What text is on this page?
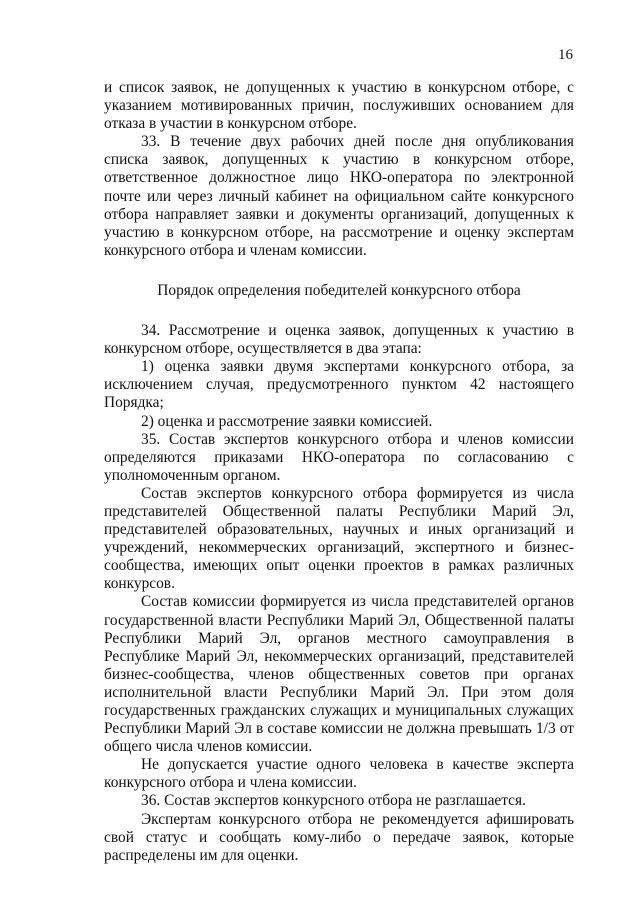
16

и список заявок, не допущенных к участию в конкурсном отборе, с указанием мотивированных причин, послуживших основанием для отказа в участии в конкурсном отборе.

33. В течение двух рабочих дней после дня опубликования списка заявок, допущенных к участию в конкурсном отборе, ответственное должностное лицо НКО-оператора по электронной почте или через личный кабинет на официальном сайте конкурсного отбора направляет заявки и документы организаций, допущенных к участию в конкурсном отборе, на рассмотрение и оценку экспертам конкурсного отбора и членам комиссии.

Порядок определения победителей конкурсного отбора

34. Рассмотрение и оценка заявок, допущенных к участию в конкурсном отборе, осуществляется в два этапа:

1) оценка заявки двумя экспертами конкурсного отбора, за исключением случая, предусмотренного пунктом 42 настоящего Порядка;

2) оценка и рассмотрение заявки комиссией.

35. Состав экспертов конкурсного отбора и членов комиссии определяются приказами НКО-оператора по согласованию с уполномоченным органом.

Состав экспертов конкурсного отбора формируется из числа представителей Общественной палаты Республики Марий Эл, представителей образовательных, научных и иных организаций и учреждений, некоммерческих организаций, экспертного и бизнес-сообщества, имеющих опыт оценки проектов в рамках различных конкурсов.

Состав комиссии формируется из числа представителей органов государственной власти Республики Марий Эл, Общественной палаты Республики Марий Эл, органов местного самоуправления в Республике Марий Эл, некоммерческих организаций, представителей бизнес-сообщества, членов общественных советов при органах исполнительной власти Республики Марий Эл. При этом доля государственных гражданских служащих и муниципальных служащих Республики Марий Эл в составе комиссии не должна превышать 1/3 от общего числа членов комиссии.

Не допускается участие одного человека в качестве эксперта конкурсного отбора и члена комиссии.

36. Состав экспертов конкурсного отбора не разглашается.

Экспертам конкурсного отбора не рекомендуется афишировать свой статус и сообщать кому-либо о передаче заявок, которые распределены им для оценки.
